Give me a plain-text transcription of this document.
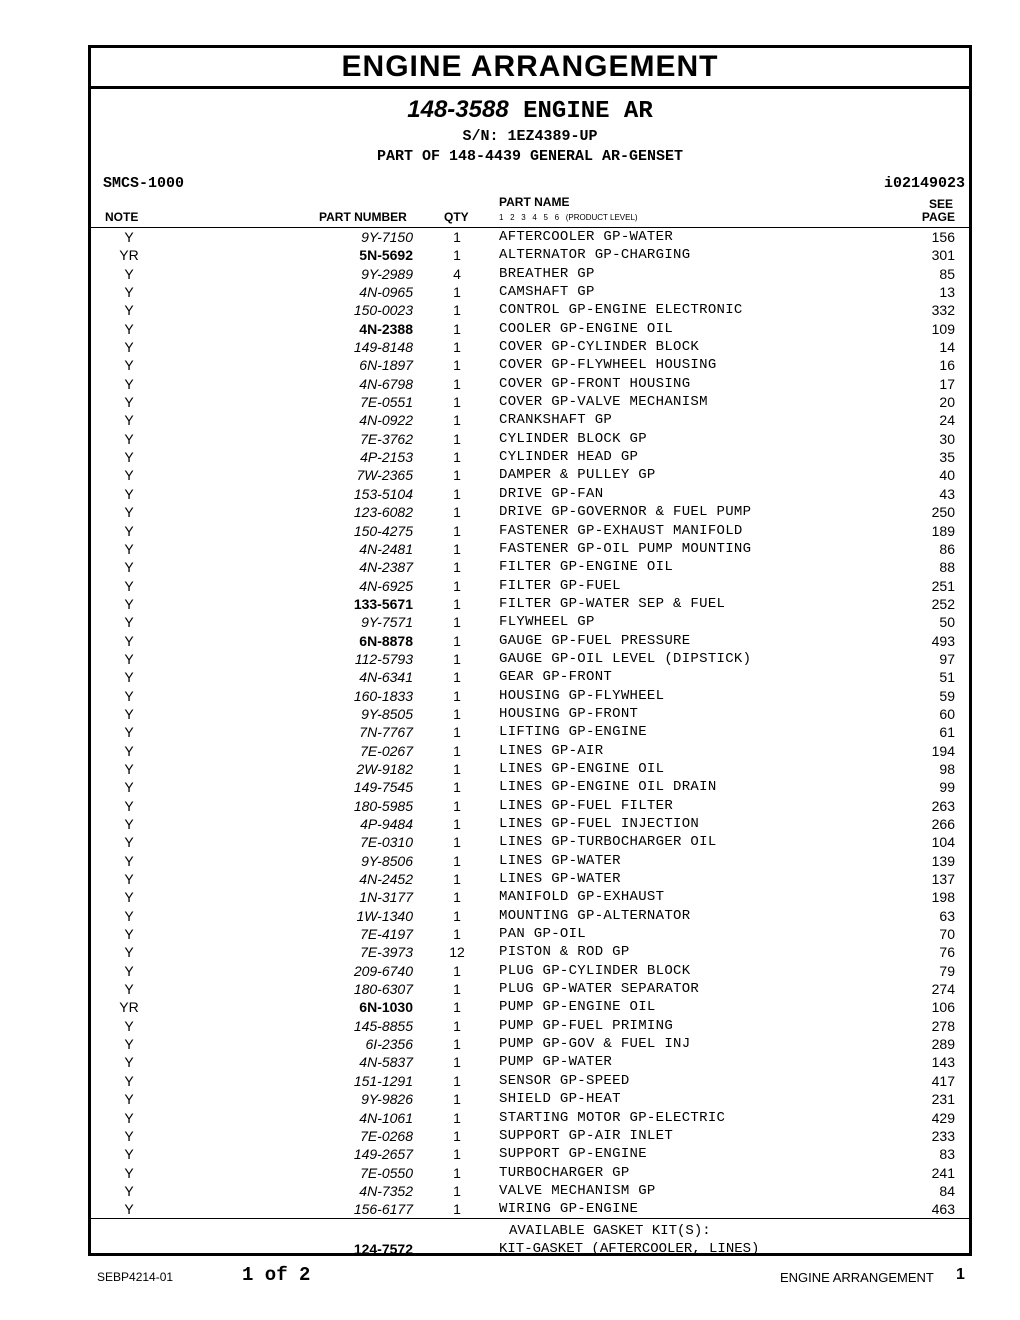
ENGINE ARRANGEMENT
148-3588 ENGINE AR
S/N: 1EZ4389-UP
PART OF 148-4439 GENERAL AR-GENSET
SMCS-1000	i02149023
NOTE	PART NUMBER	QTY
PART NAME
1   2   3   4   5   6   (PRODUCT LEVEL)
SEE
PAGE
Y	9Y-7150	1	AFTERCOOLER GP-WATER	156
YR	5N-5692	1	ALTERNATOR GP-CHARGING	301
Y	9Y-2989	4	BREATHER GP	85
Y	4N-0965	1	CAMSHAFT GP	13
Y	150-0023	1	CONTROL GP-ENGINE ELECTRONIC	332
Y	4N-2388	1	COOLER GP-ENGINE OIL	109
Y	149-8148	1	COVER GP-CYLINDER BLOCK	14
Y	6N-1897	1	COVER GP-FLYWHEEL HOUSING	16
Y	4N-6798	1	COVER GP-FRONT HOUSING	17
Y	7E-0551	1	COVER GP-VALVE MECHANISM	20
Y	4N-0922	1	CRANKSHAFT GP	24
Y	7E-3762	1	CYLINDER BLOCK GP	30
Y	4P-2153	1	CYLINDER HEAD GP	35
Y	7W-2365	1	DAMPER & PULLEY GP	40
Y	153-5104	1	DRIVE GP-FAN	43
Y	123-6082	1	DRIVE GP-GOVERNOR & FUEL PUMP	250
Y	150-4275	1	FASTENER GP-EXHAUST MANIFOLD	189
Y	4N-2481	1	FASTENER GP-OIL PUMP MOUNTING	86
Y	4N-2387	1	FILTER GP-ENGINE OIL	88
Y	4N-6925	1	FILTER GP-FUEL	251
Y	133-5671	1	FILTER GP-WATER SEP & FUEL	252
Y	9Y-7571	1	FLYWHEEL GP	50
Y	6N-8878	1	GAUGE GP-FUEL PRESSURE	493
Y	112-5793	1	GAUGE GP-OIL LEVEL (DIPSTICK)	97
Y	4N-6341	1	GEAR GP-FRONT	51
Y	160-1833	1	HOUSING GP-FLYWHEEL	59
Y	9Y-8505	1	HOUSING GP-FRONT	60
Y	7N-7767	1	LIFTING GP-ENGINE	61
Y	7E-0267	1	LINES GP-AIR	194
Y	2W-9182	1	LINES GP-ENGINE OIL	98
Y	149-7545	1	LINES GP-ENGINE OIL DRAIN	99
Y	180-5985	1	LINES GP-FUEL FILTER	263
Y	4P-9484	1	LINES GP-FUEL INJECTION	266
Y	7E-0310	1	LINES GP-TURBOCHARGER OIL	104
Y	9Y-8506	1	LINES GP-WATER	139
Y	4N-2452	1	LINES GP-WATER	137
Y	1N-3177	1	MANIFOLD GP-EXHAUST	198
Y	1W-1340	1	MOUNTING GP-ALTERNATOR	63
Y	7E-4197	1	PAN GP-OIL	70
Y	7E-3973	12	PISTON & ROD GP	76
Y	209-6740	1	PLUG GP-CYLINDER BLOCK	79
Y	180-6307	1	PLUG GP-WATER SEPARATOR	274
YR	6N-1030	1	PUMP GP-ENGINE OIL	106
Y	145-8855	1	PUMP GP-FUEL PRIMING	278
Y	6I-2356	1	PUMP GP-GOV & FUEL INJ	289
Y	4N-5837	1	PUMP GP-WATER	143
Y	151-1291	1	SENSOR GP-SPEED	417
Y	9Y-9826	1	SHIELD GP-HEAT	231
Y	4N-1061	1	STARTING MOTOR GP-ELECTRIC	429
Y	7E-0268	1	SUPPORT GP-AIR INLET	233
Y	149-2657	1	SUPPORT GP-ENGINE	83
Y	7E-0550	1	TURBOCHARGER GP	241
Y	4N-7352	1	VALVE MECHANISM GP	84
Y	156-6177	1	WIRING GP-ENGINE	463
AVAILABLE GASKET KIT(S):
124-7572	KIT-GASKET (AFTERCOOLER, LINES)
SEBP4214-01	1 of 2	ENGINE ARRANGEMENT 1
